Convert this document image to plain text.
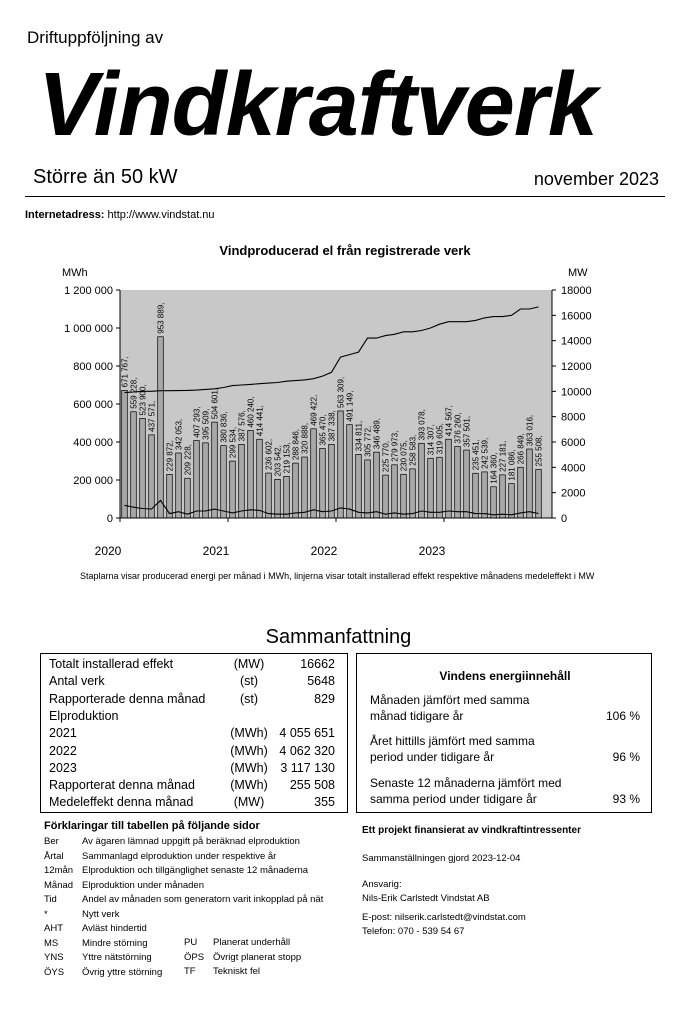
Driftuppföljning av
Vindkraftverk
Större än 50 kW	november 2023
Internetadress: http://www.vindstat.nu
Vindproducerad el från registrerade verk
MWh	MW
0
200 000
400 000
600 000
800 000
1 000 000
1 200 000
0
2000
4000
6000
8000
10000
12000
14000
16000
18000
671 767,
559 228, 523 900,
437 571,
953 889,
229 872,
342 053,
209 228,
407 293, 395 509,
504 601,
380 836, 299 534,
387 576, 460 240, 414 441,
236 602, 203 542, 219 153, 288 846, 320 888,
469 422,
365 470, 387 338,
563 309, 491 149,
334 811, 305 772, 346 489,
225 770, 279 973, 230 075, 258 583,
393 078, 314 307, 319 605,
414 567, 376 260, 357 501,
235 451, 242 539, 164 360, 227 181, 181 086,
266 849,
363 016,
255 508,
2020	2021	2022	2023
Staplarna visar producerad energi per månad i MWh, linjerna visar totalt installerad effekt respektive månadens medeleffekt i MW
Sammanfattning
Totalt installerad effekt	(MW)	16662
Antal verk	(st)	5648
Rapporterade denna månad	(st)	829
Elproduktion
2021	(MWh) 4 055 651
2022	(MWh) 4 062 320
2023	(MWh)	3 117 130
Rapporterat denna månad	(MWh)	255 508
Medeleffekt denna månad	(MW)	355
Vindens energiinnehåll
Månaden jämfört med samma
månad tidigare år	106 %
Året hittills jämfört med samma
period under tidigare år	96 %
Senaste 12 månaderna jämfört med
samma period under tidigare år	93 %
Förklaringar till tabellen på följande sidor
Ber Av ägaren lämnad uppgift på beräknad elproduktion
Årtal Sammanlagd elproduktion under respektive år
12mån Elproduktion och tillgänglighet senaste 12 månaderna
Månad Elproduktion under månaden
Tid	Andel av månaden som generatorn varit inkopplad på nät
*	Nytt verk
AHT Avläst hindertid
MS	Mindre störning
YNS Yttre nätstörning
ÖYS Övrig yttre störning
PU Planerat underhåll
ÖPS Övrigt planerat stopp
TF Tekniskt fel
Ett projekt finansierat av vindkraftintressenter
Sammanställningen gjord 2023-12-04
Ansvarig:
Nils-Erik Carlstedt Vindstat AB
E-post: nilserik.carlstedt@vindstat.com
Telefon: 070 - 539 54 67
